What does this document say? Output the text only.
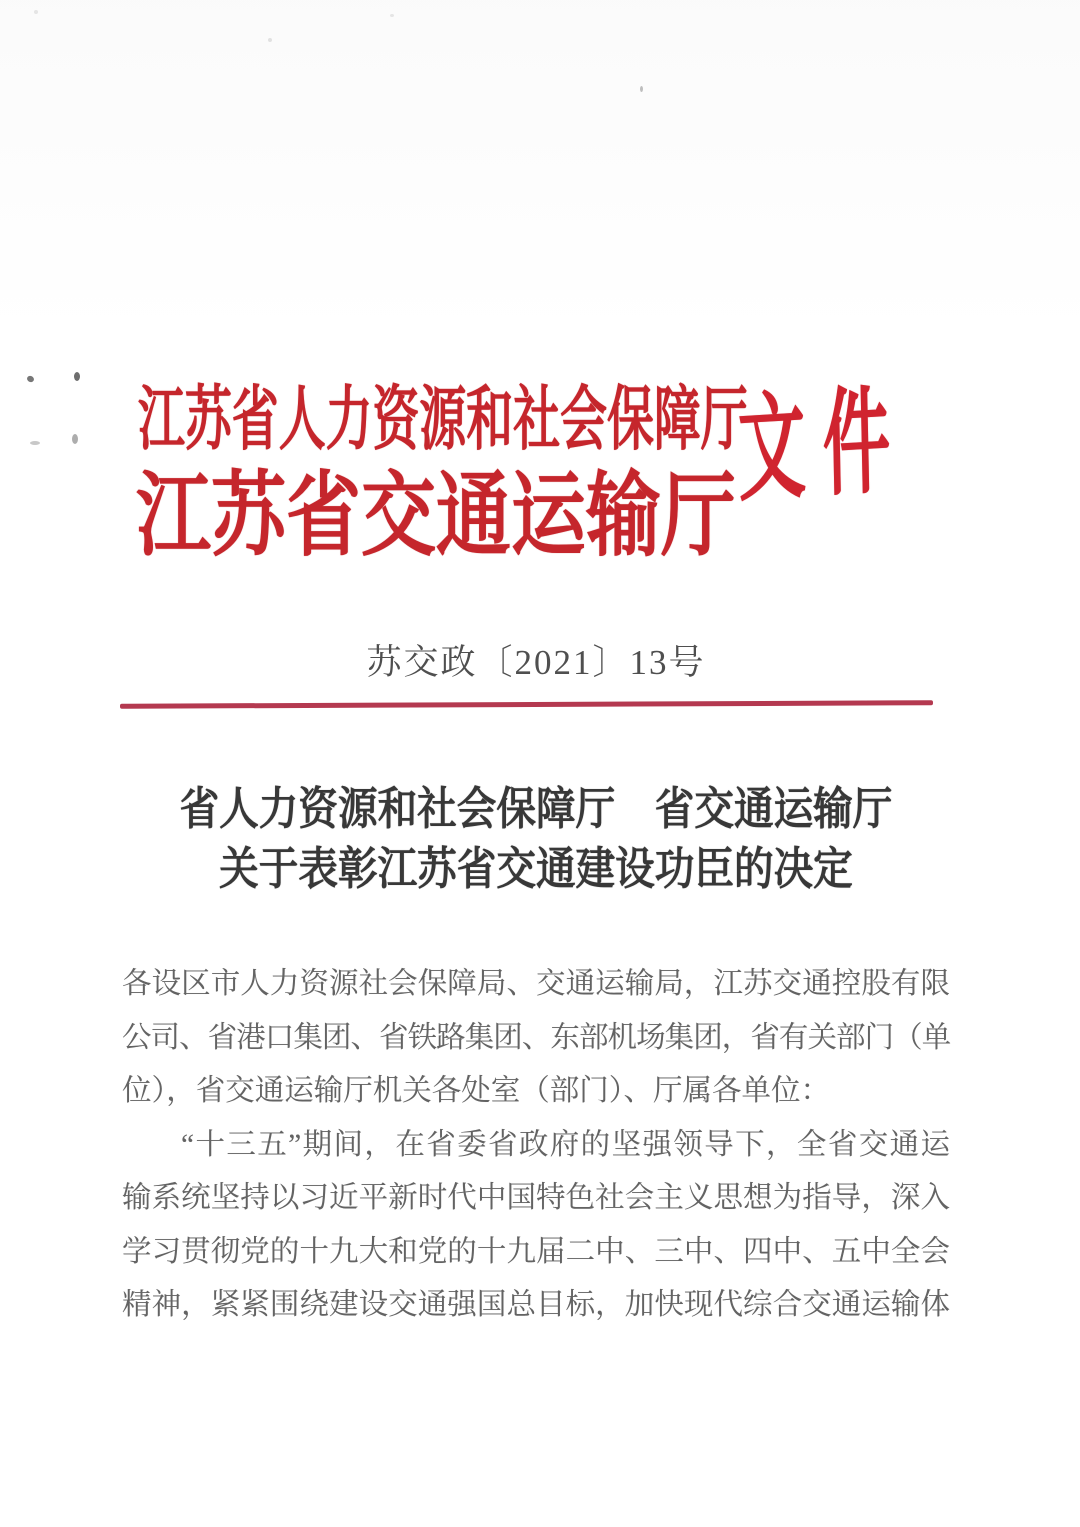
江苏省人力资源和社会保障厅
江苏省交通运输厅
文件
苏交政〔2021〕13号
省人力资源和社会保障厅　省交通运输厅
关于表彰江苏省交通建设功臣的决定
各设区市人力资源社会保障局、交通运输局，江苏交通控股有限
公司、省港口集团、省铁路集团、东部机场集团，省有关部门（单
位），省交通运输厅机关各处室（部门）、厅属各单位：
“十三五”期间，在省委省政府的坚强领导下，全省交通运
输系统坚持以习近平新时代中国特色社会主义思想为指导，深入
学习贯彻党的十九大和党的十九届二中、三中、四中、五中全会
精神，紧紧围绕建设交通强国总目标，加快现代综合交通运输体
